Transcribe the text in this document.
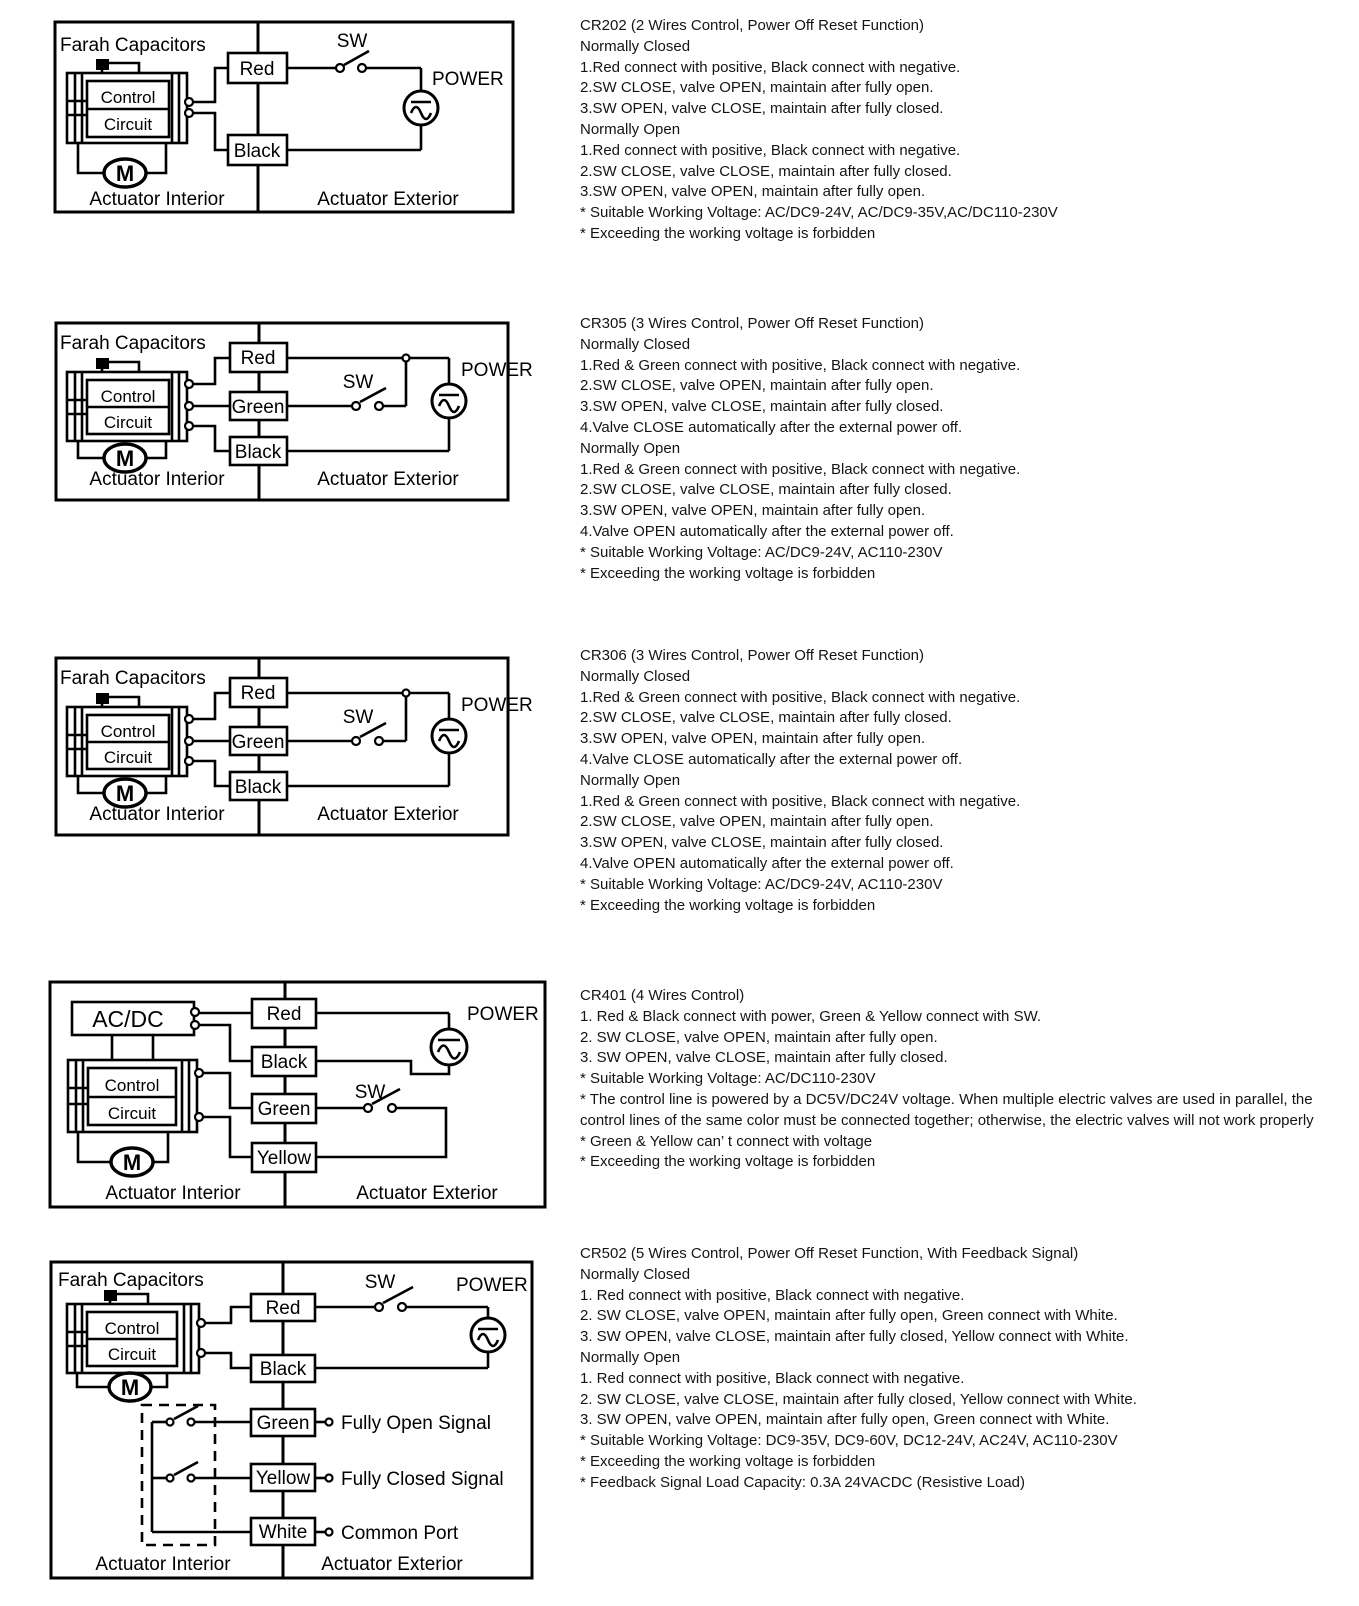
Control
Circuit
M
Farah Capacitors
Actuator Interior	Actuator Exterior
Red
Black
SW
POWER
Control
Circuit
M
Farah Capacitors
Actuator Interior	Actuator Exterior
Red
Green
Black
SW
POWER
Control
Circuit
M
Farah Capacitors
Actuator Interior	Actuator Exterior
Red
Green
Black
SW
POWER
AC/DC
Control
Circuit
M
Actuator Interior	Actuator Exterior
Red
Black
Green
Yellow
POWER
SW
Control
Circuit
M
Farah Capacitors
Actuator Interior	Actuator Exterior
Red
Black
Green
Yellow
White
SW	POWER
Fully Open Signal
Fully Closed Signal
Common Port
CR202 (2 Wires Control, Power Off Reset Function)
Normally Closed
1.Red connect with positive, Black connect with negative.
2.SW CLOSE, valve OPEN, maintain after fully open.
3.SW OPEN, valve CLOSE, maintain after fully closed.
Normally Open
1.Red connect with positive, Black connect with negative.
2.SW CLOSE, valve CLOSE, maintain after fully closed.
3.SW OPEN, valve OPEN, maintain after fully open.
* Suitable Working Voltage: AC/DC9-24V, AC/DC9-35V,AC/DC110-230V
* Exceeding the working voltage is forbidden
CR305 (3 Wires Control, Power Off Reset Function)
Normally Closed
1.Red & Green connect with positive, Black connect with negative.
2.SW CLOSE, valve OPEN, maintain after fully open.
3.SW OPEN, valve CLOSE, maintain after fully closed.
4.Valve CLOSE automatically after the external power off.
Normally Open
1.Red & Green connect with positive, Black connect with negative.
2.SW CLOSE, valve CLOSE, maintain after fully closed.
3.SW OPEN, valve OPEN, maintain after fully open.
4.Valve OPEN automatically after the external power off.
* Suitable Working Voltage: AC/DC9-24V, AC110-230V
* Exceeding the working voltage is forbidden
CR306 (3 Wires Control, Power Off Reset Function)
Normally Closed
1.Red & Green connect with positive, Black connect with negative.
2.SW CLOSE, valve CLOSE, maintain after fully closed.
3.SW OPEN, valve OPEN, maintain after fully open.
4.Valve CLOSE automatically after the external power off.
Normally Open
1.Red & Green connect with positive, Black connect with negative.
2.SW CLOSE, valve OPEN, maintain after fully open.
3.SW OPEN, valve CLOSE, maintain after fully closed.
4.Valve OPEN automatically after the external power off.
* Suitable Working Voltage: AC/DC9-24V, AC110-230V
* Exceeding the working voltage is forbidden
CR401 (4 Wires Control)
1. Red & Black connect with power, Green & Yellow connect with SW.
2. SW CLOSE, valve OPEN, maintain after fully open.
3. SW OPEN, valve CLOSE, maintain after fully closed.
* Suitable Working Voltage: AC/DC110-230V
* The control line is powered by a DC5V/DC24V voltage. When multiple electric valves are used in parallel, the control lines of the same color must be connected together; otherwise, the electric valves will not work properly
* Green & Yellow can’ t connect with voltage
* Exceeding the working voltage is forbidden
CR502 (5 Wires Control, Power Off Reset Function, With Feedback Signal)
Normally Closed
1. Red connect with positive, Black connect with negative.
2. SW CLOSE, valve OPEN, maintain after fully open, Green connect with White.
3. SW OPEN, valve CLOSE, maintain after fully closed, Yellow connect with White.
Normally Open
1. Red connect with positive, Black connect with negative.
2. SW CLOSE, valve CLOSE, maintain after fully closed, Yellow connect with White.
3. SW OPEN, valve OPEN, maintain after fully open, Green connect with White.
* Suitable Working Voltage: DC9-35V, DC9-60V, DC12-24V, AC24V, AC110-230V
* Exceeding the working voltage is forbidden
* Feedback Signal Load Capacity: 0.3A 24VACDC (Resistive Load)
